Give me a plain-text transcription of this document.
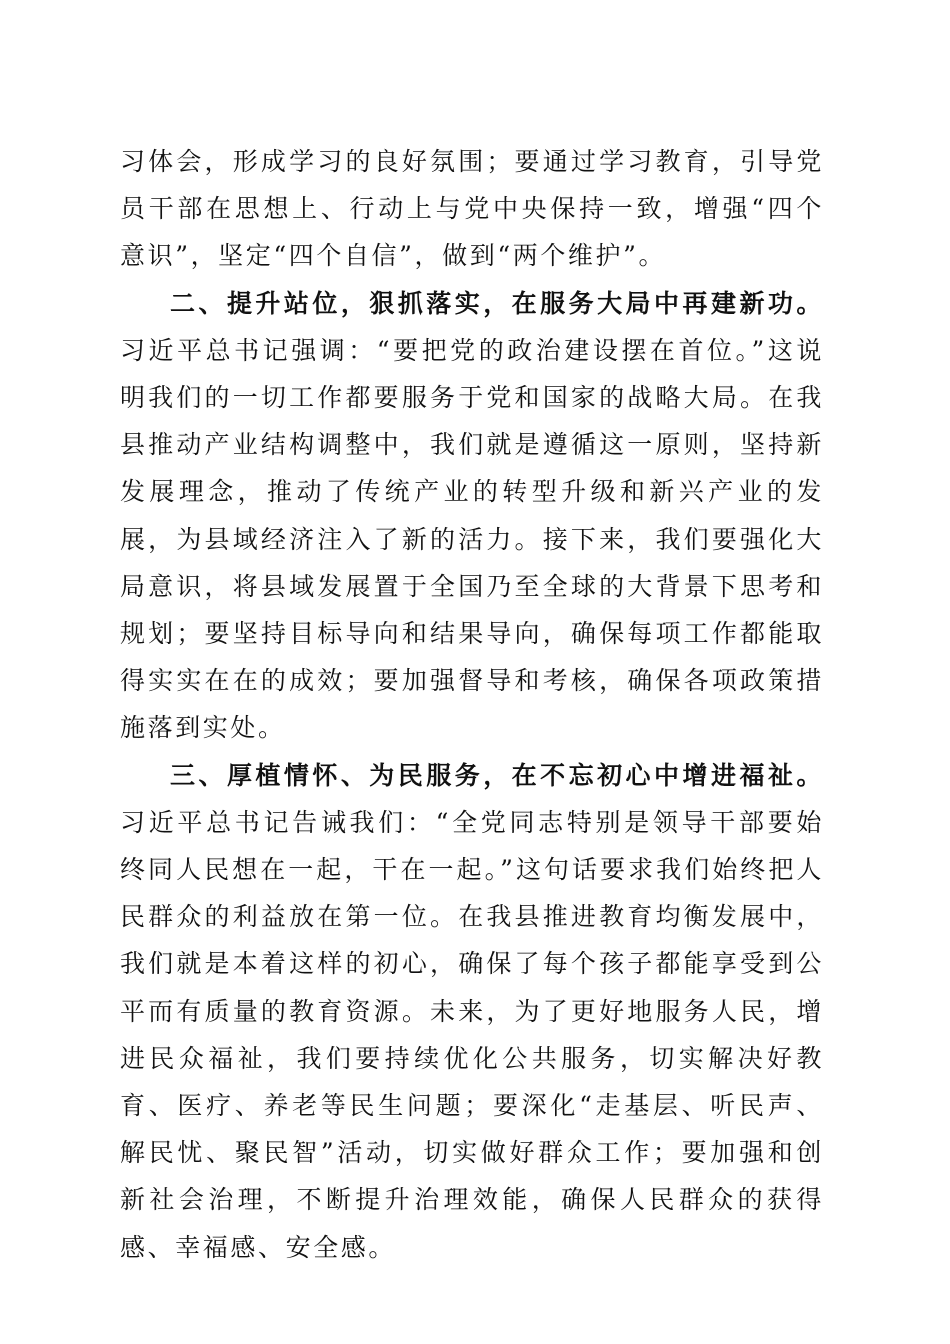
习体会，形成学习的良好氛围；要通过学习教育，引导党员干部在思想上、行动上与党中央保持一致，增强“四个意识”，坚定“四个自信”，做到“两个维护”。

二、提升站位，狠抓落实，在服务大局中再建新功。习近平总书记强调：“要把党的政治建设摆在首位。”这说明我们的一切工作都要服务于党和国家的战略大局。在我县推动产业结构调整中，我们就是遵循这一原则，坚持新发展理念，推动了传统产业的转型升级和新兴产业的发展，为县域经济注入了新的活力。接下来，我们要强化大局意识，将县域发展置于全国乃至全球的大背景下思考和规划；要坚持目标导向和结果导向，确保每项工作都能取得实实在在的成效；要加强督导和考核，确保各项政策措施落到实处。

三、厚植情怀、为民服务，在不忘初心中增进福祉。习近平总书记告诫我们：“全党同志特别是领导干部要始终同人民想在一起，干在一起。”这句话要求我们始终把人民群众的利益放在第一位。在我县推进教育均衡发展中，我们就是本着这样的初心，确保了每个孩子都能享受到公平而有质量的教育资源。未来，为了更好地服务人民，增进民众福祉，我们要持续优化公共服务，切实解决好教育、医疗、养老等民生问题；要深化“走基层、听民声、解民忧、聚民智”活动，切实做好群众工作；要加强和创新社会治理，不断提升治理效能，确保人民群众的获得感、幸福感、安全感。
